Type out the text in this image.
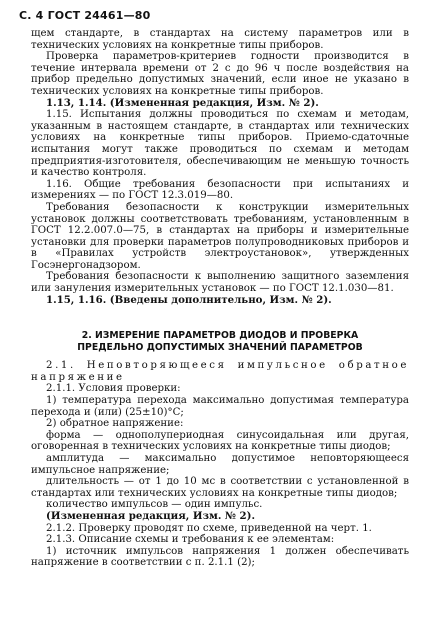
С. 4 ГОСТ 24461—80

щем стандарте, в стандартах на систему параметров или в технических условиях на конкретные типы приборов.

Проверка параметров-критериев годности производится в течение интервала времени от 2 с до 96 ч после воздействия на прибор предельно допустимых значений, если иное не указано в технических условиях на конкретные типы приборов.

1.13, 1.14. (Измененная редакция, Изм. № 2).

1.15. Испытания должны проводиться по схемам и методам, указанным в настоящем стандарте, в стандартах или технических условиях на конкретные типы приборов. Приемо-сдаточные испытания могут также проводиться по схемам и методам предприятия-изготовителя, обеспечивающим не меньшую точность и качество контроля.

1.16. Общие требования безопасности при испытаниях и измерениях — по ГОСТ 12.3.019—80.

Требования безопасности к конструкции измерительных установок должны соответствовать требованиям, установленным в ГОСТ 12.2.007.0—75, в стандартах на приборы и измерительные установки для проверки параметров полупроводниковых приборов и в «Правилах устройств электроустановок», утвержденных Госэнергонадзором.

Требования безопасности к выполнению защитного заземления или зануления измерительных установок — по ГОСТ 12.1.030—81.

1.15, 1.16. (Введены дополнительно, Изм. № 2).

2. ИЗМЕРЕНИЕ ПАРАМЕТРОВ ДИОДОВ И ПРОВЕРКА
ПРЕДЕЛЬНО ДОПУСТИМЫХ ЗНАЧЕНИЙ ПАРАМЕТРОВ

2.1. Неповторяющееся импульсное обратное напряжение

2.1.1. Условия проверки:

1) температура перехода максимально допустимая температура перехода и (или) (25±10)°С;

2) обратное напряжение:

форма — однополупериодная синусоидальная или другая, оговоренная в технических условиях на конкретные типы диодов;

амплитуда — максимально допустимое неповторяющееся импульсное напряжение;

длительность — от 1 до 10 мс в соответствии с установленной в стандартах или технических условиях на конкретные типы диодов;

количество импульсов — один импульс.

(Измененная редакция, Изм. № 2).

2.1.2. Проверку проводят по схеме, приведенной на черт. 1.

2.1.3. Описание схемы и требования к ее элементам:

1) источник импульсов напряжения 1 должен обеспечивать напряжение в соответствии с п. 2.1.1 (2);
